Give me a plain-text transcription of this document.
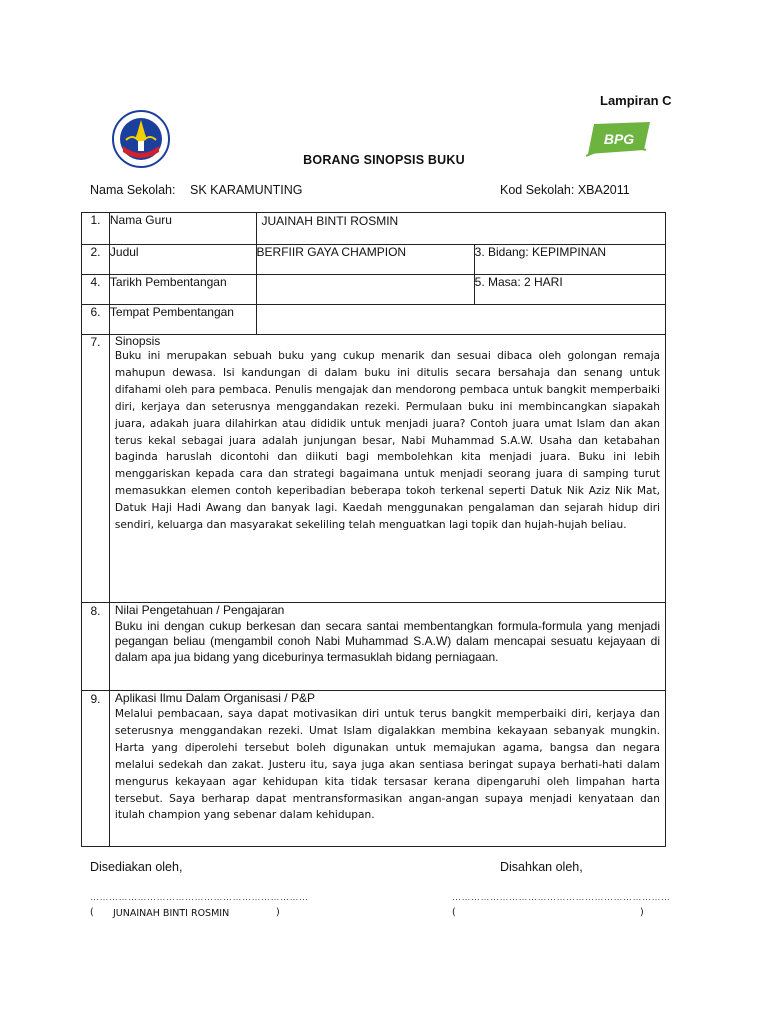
Lampiran C
BPG
BORANG SINOPSIS BUKU
Nama Sekolah: SK KARAMUNTING	Kod Sekolah: XBA2011
1.	Nama Guru	JUAINAH BINTI ROSMIN	
2.	Judul	BERFIIR GAYA CHAMPION	3. Bidang: KEPIMPINAN
4.	Tarikh Pembentangan		5. Masa: 2 HARI
6.	Tempat Pembentangan		
7.	Sinopsis
Buku ini merupakan sebuah buku yang cukup menarik dan sesuai dibaca oleh golongan remaja mahupun dewasa. Isi kandungan di dalam buku ini ditulis secara bersahaja dan senang untuk difahami oleh para pembaca. Penulis mengajak dan mendorong pembaca untuk bangkit memperbaiki diri, kerjaya dan seterusnya menggandakan rezeki. Permulaan buku ini membincangkan siapakah juara, adakah juara dilahirkan atau dididik untuk menjadi juara? Contoh juara umat Islam dan akan terus kekal sebagai juara adalah junjungan besar, Nabi Muhammad S.A.W. Usaha dan ketabahan baginda haruslah dicontohi dan diikuti bagi membolehkan kita menjadi juara. Buku ini lebih menggariskan kepada cara dan strategi bagaimana untuk menjadi seorang juara di samping turut memasukkan elemen contoh keperibadian beberapa tokoh terkenal seperti Datuk Nik Aziz Nik Mat, Datuk Haji Hadi Awang dan banyak lagi. Kaedah menggunakan pengalaman dan sejarah hidup diri sendiri, keluarga dan masyarakat sekeliling telah menguatkan lagi topik dan hujah-hujah beliau.		

8.	Nilai Pengetahuan / Pengajaran
Buku ini dengan cukup berkesan dan secara santai membentangkan formula-formula yang menjadi pegangan beliau (mengambil conoh Nabi Muhammad S.A.W) dalam mencapai sesuatu kejayaan di dalam apa jua bidang yang diceburinya termasuklah bidang perniagaan.		

9.	Aplikasi Ilmu Dalam Organisasi / P&P
Melalui pembacaan, saya dapat motivasikan diri untuk terus bangkit memperbaiki diri, kerjaya dan seterusnya menggandakan rezeki. Umat Islam digalakkan membina kekayaan sebanyak mungkin. Harta yang diperolehi tersebut boleh digunakan untuk memajukan agama, bangsa dan negara melalui sedekah dan zakat. Justeru itu, saya juga akan sentiasa beringat supaya berhati-hati dalam mengurus kekayaan agar kehidupan kita tidak tersasar kerana dipengaruhi oleh limpahan harta tersebut. Saya berharap dapat mentransformasikan angan-angan supaya menjadi kenyataan dan itulah champion yang sebenar dalam kehidupan.		
Disediakan oleh,	Disahkan oleh,
……………………………………………………………	……………………………………………………………
( JUNAINAH BINTI ROSMIN	)	(	)
